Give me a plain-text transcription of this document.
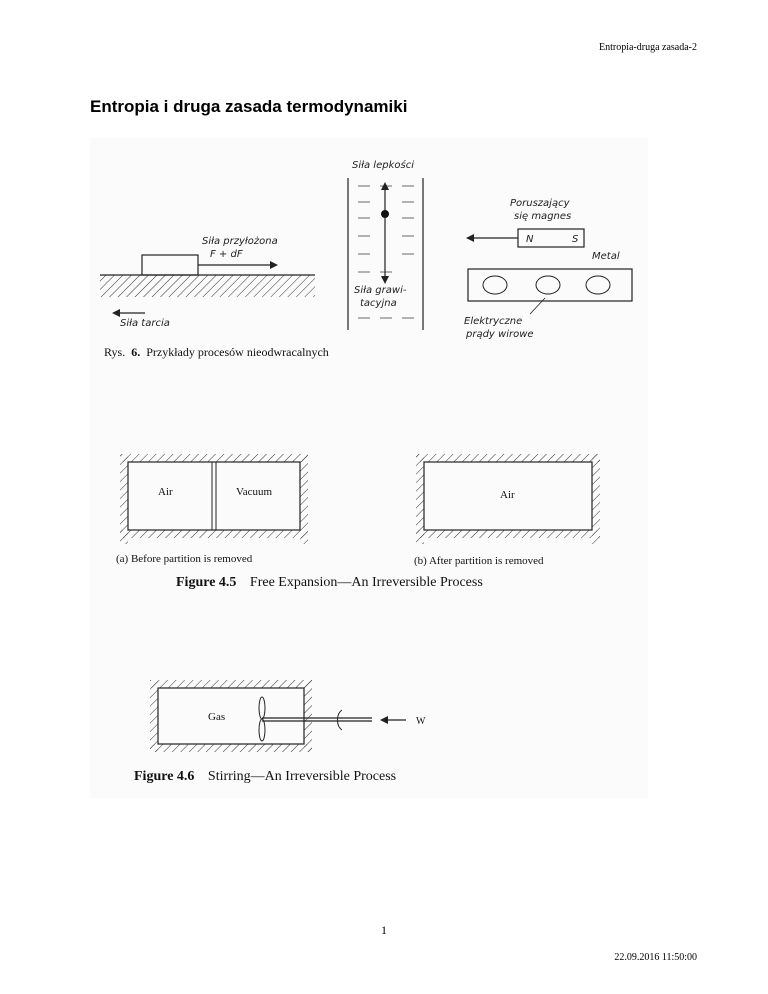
Entropia-druga zasada-2
Entropia i druga zasada termodynamiki
Siła przyłożona
F + dF
Siła tarcia
Siła lepkości
Siła grawi-
tacyjna
Poruszający
się magnes
N	S
Metal
Elektryczne
prądy wirowe
Rys. 6. Przykłady procesów nieodwracalnych
Air	Vacuum	Air
(a) Before partition is removed	(b) After partition is removed
Figure 4.5 Free Expansion—An Irreversible Process
Gas	W
Figure 4.6 Stirring—An Irreversible Process
1
22.09.2016 11:50:00
